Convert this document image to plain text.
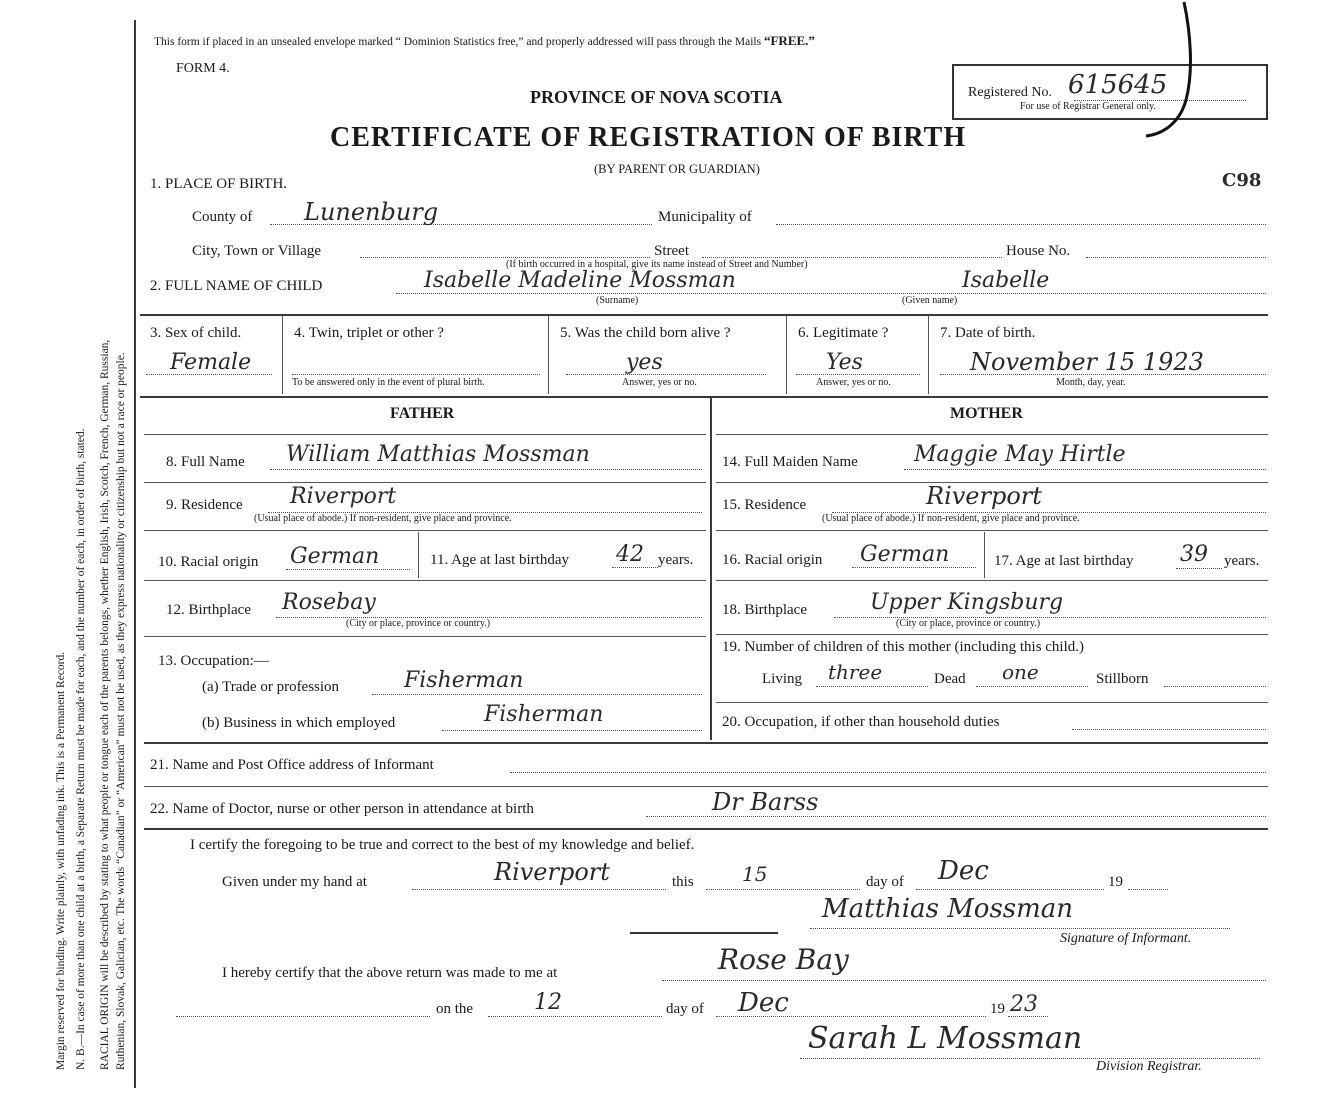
Margin reserved for binding. Write plainly, with unfading ink. This is a Permanent Record. N. B.—In case of more than one child at a birth, a Separate Return must be made for each, and the number of each, in order of birth, stated. RACIAL ORIGIN will be described by stating to what people or tongue each of the parents belongs, whether English, Irish, Scotch, French, German, Russian, Ruthenian, Slovak, Galician, etc. The words “Canadian” or “American” must not be used, as they express nationality or citizenship but not a race or people.
This form if placed in an unsealed envelope marked “ Dominion Statistics free,” and properly addressed will pass through the Mails “FREE.”
FORM 4.
PROVINCE OF NOVA SCOTIA
CERTIFICATE OF REGISTRATION OF BIRTH
(BY PARENT OR GUARDIAN)
Registered No. 615645
For use of Registrar General only.
C98
1. PLACE OF BIRTH.
County of Lunenburg	Municipality of
City, Town or Village	Street	House No.
(If birth occurred in a hospital, give its name instead of Street and Number)
2. FULL NAME OF CHILD	Isabelle Madeline Mossman
(Surname)
Isabelle
(Given name)
3. Sex of child.
Female
4. Twin, triplet or other ?
To be answered only in the event of plural birth.
5. Was the child born alive ?
yes
Answer, yes or no.
6. Legitimate ?
Yes
Answer, yes or no.
7. Date of birth.
November 15 1923
Month, day, year.
FATHER	MOTHER
8. Full Name William Matthias Mossman
9. Residence Riverport
(Usual place of abode.) If non-resident, give place and province.
10. Racial origin German	11. Age at last birthday 42 years.
12. Birthplace Rosebay
(City or place, province or country.)
13. Occupation:—
(a) Trade or profession	Fisherman
(b) Business in which employed	Fisherman
14. Full Maiden Name	Maggie May Hirtle
15. Residence	Riverport
(Usual place of abode.) If non-resident, give place and province.
16. Racial origin German	17. Age at last birthday 39 years.
18. Birthplace	Upper Kingsburg
(City or place, province or country.)
19. Number of children of this mother (including this child.)
Living three	Dead one	Stillborn
20. Occupation, if other than household duties
21. Name and Post Office address of Informant
22. Name of Doctor, nurse or other person in attendance at birth	Dr Barss
I certify the foregoing to be true and correct to the best of my knowledge and belief.
Given under my hand at	Riverport	this 15	day of Dec	19
Matthias Mossman
Signature of Informant.
I hereby certify that the above return was made to me at	Rose Bay
on the	12	day of Dec	19 23
Sarah L Mossman
Division Registrar.
